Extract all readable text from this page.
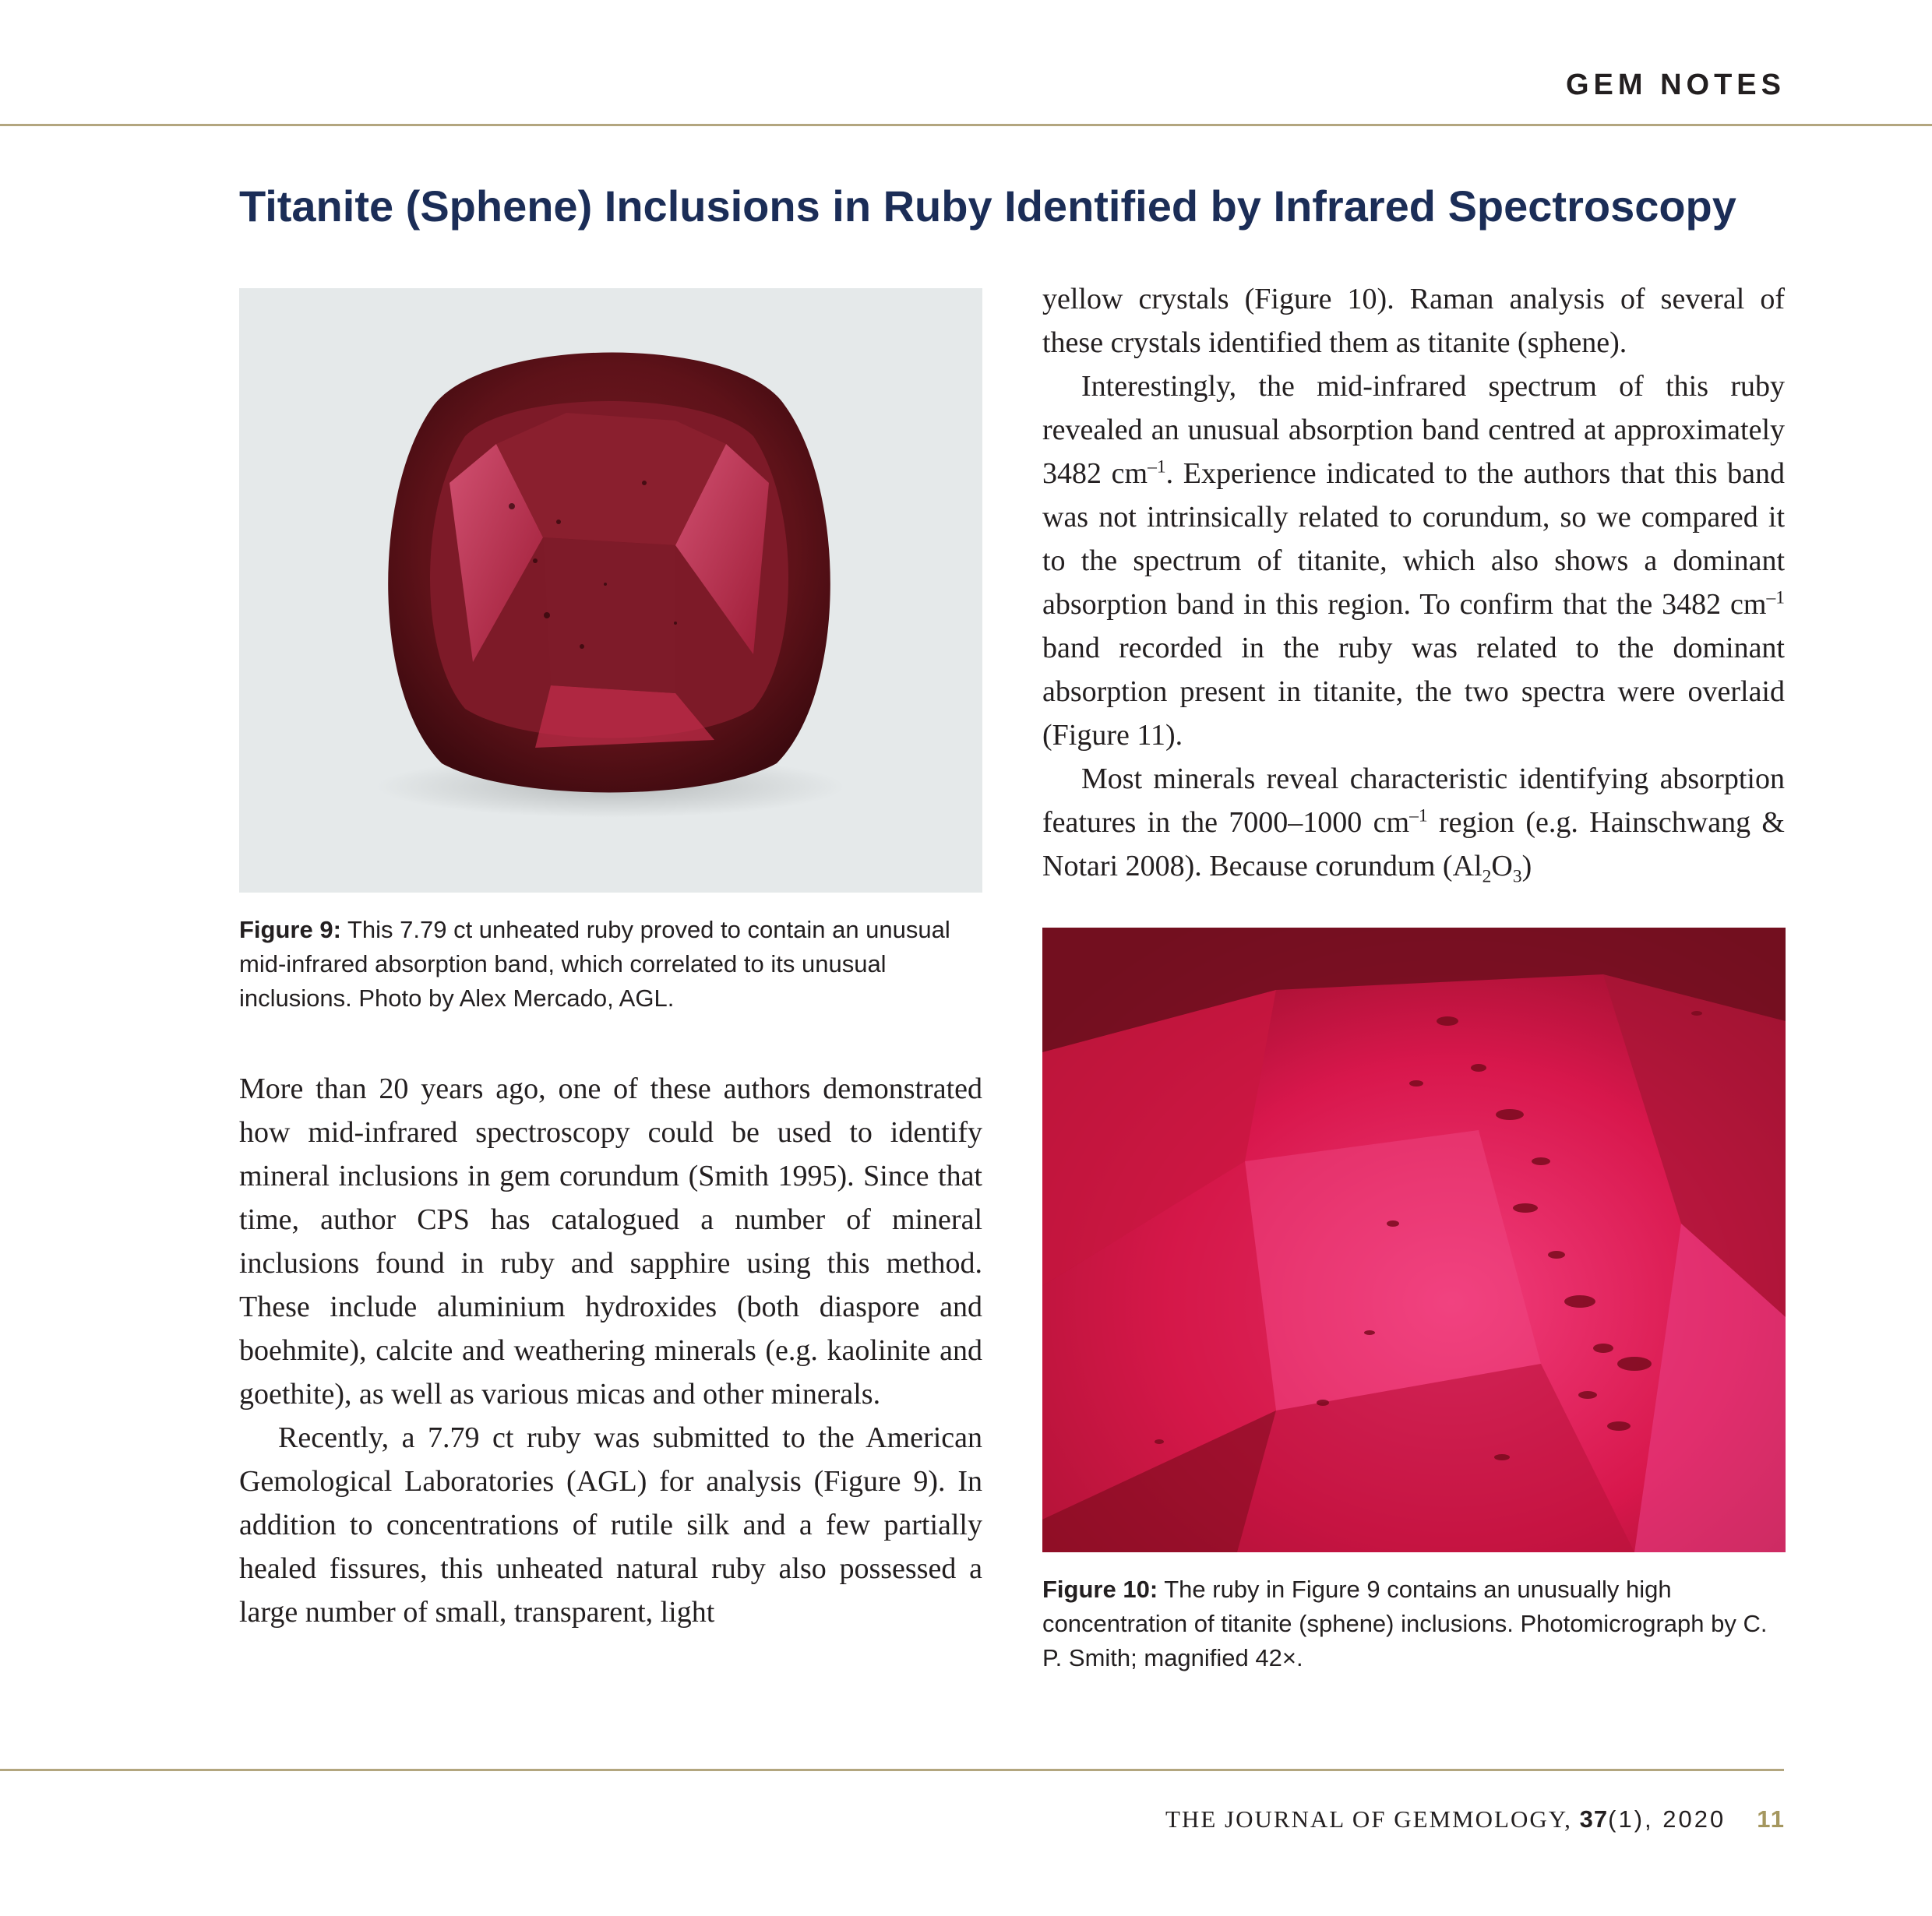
GEM NOTES
Titanite (Sphene) Inclusions in Ruby Identified by Infrared Spectroscopy
Figure 9: This 7.79 ct unheated ruby proved to contain an unusual mid-infrared absorption band, which correlated to its unusual inclusions. Photo by Alex Mercado, AGL.

More than 20 years ago, one of these authors demonstrated how mid-infrared spectroscopy could be used to identify mineral inclusions in gem corundum (Smith 1995). Since that time, author CPS has catalogued a number of mineral inclusions found in ruby and sapphire using this method. These include aluminium hydroxides (both diaspore and boehmite), calcite and weathering minerals (e.g. kaolinite and goethite), as well as various micas and other minerals.

Recently, a 7.79 ct ruby was submitted to the American Gemological Laboratories (AGL) for analysis (Figure 9). In addition to concentrations of rutile silk and a few partially healed fissures, this unheated natural ruby also possessed a large number of small, transparent, light

yellow crystals (Figure 10). Raman analysis of several of these crystals identified them as titanite (sphene).

Interestingly, the mid-infrared spectrum of this ruby revealed an unusual absorption band centred at approximately 3482 $cm^{-1}$. Experience indicated to the authors that this band was not intrinsically related to corundum, so we compared it to the spectrum of titanite, which also shows a dominant absorption band in this region. To confirm that the 3482 $cm^{-1}$ band recorded in the ruby was related to the dominant absorption present in titanite, the two spectra were overlaid (Figure 11).

Most minerals reveal characteristic identifying absorption features in the 7000–1000 $cm^{-1}$ region (e.g. Hainschwang & Notari 2008). Because corundum $(Al_2O_3)$

Figure 10: The ruby in Figure 9 contains an unusually high concentration of titanite (sphene) inclusions. Photomicrograph by C. P. Smith; magnified 42×.
THE JOURNAL OF GEMMOLOGY, 37(1), 2020 11
